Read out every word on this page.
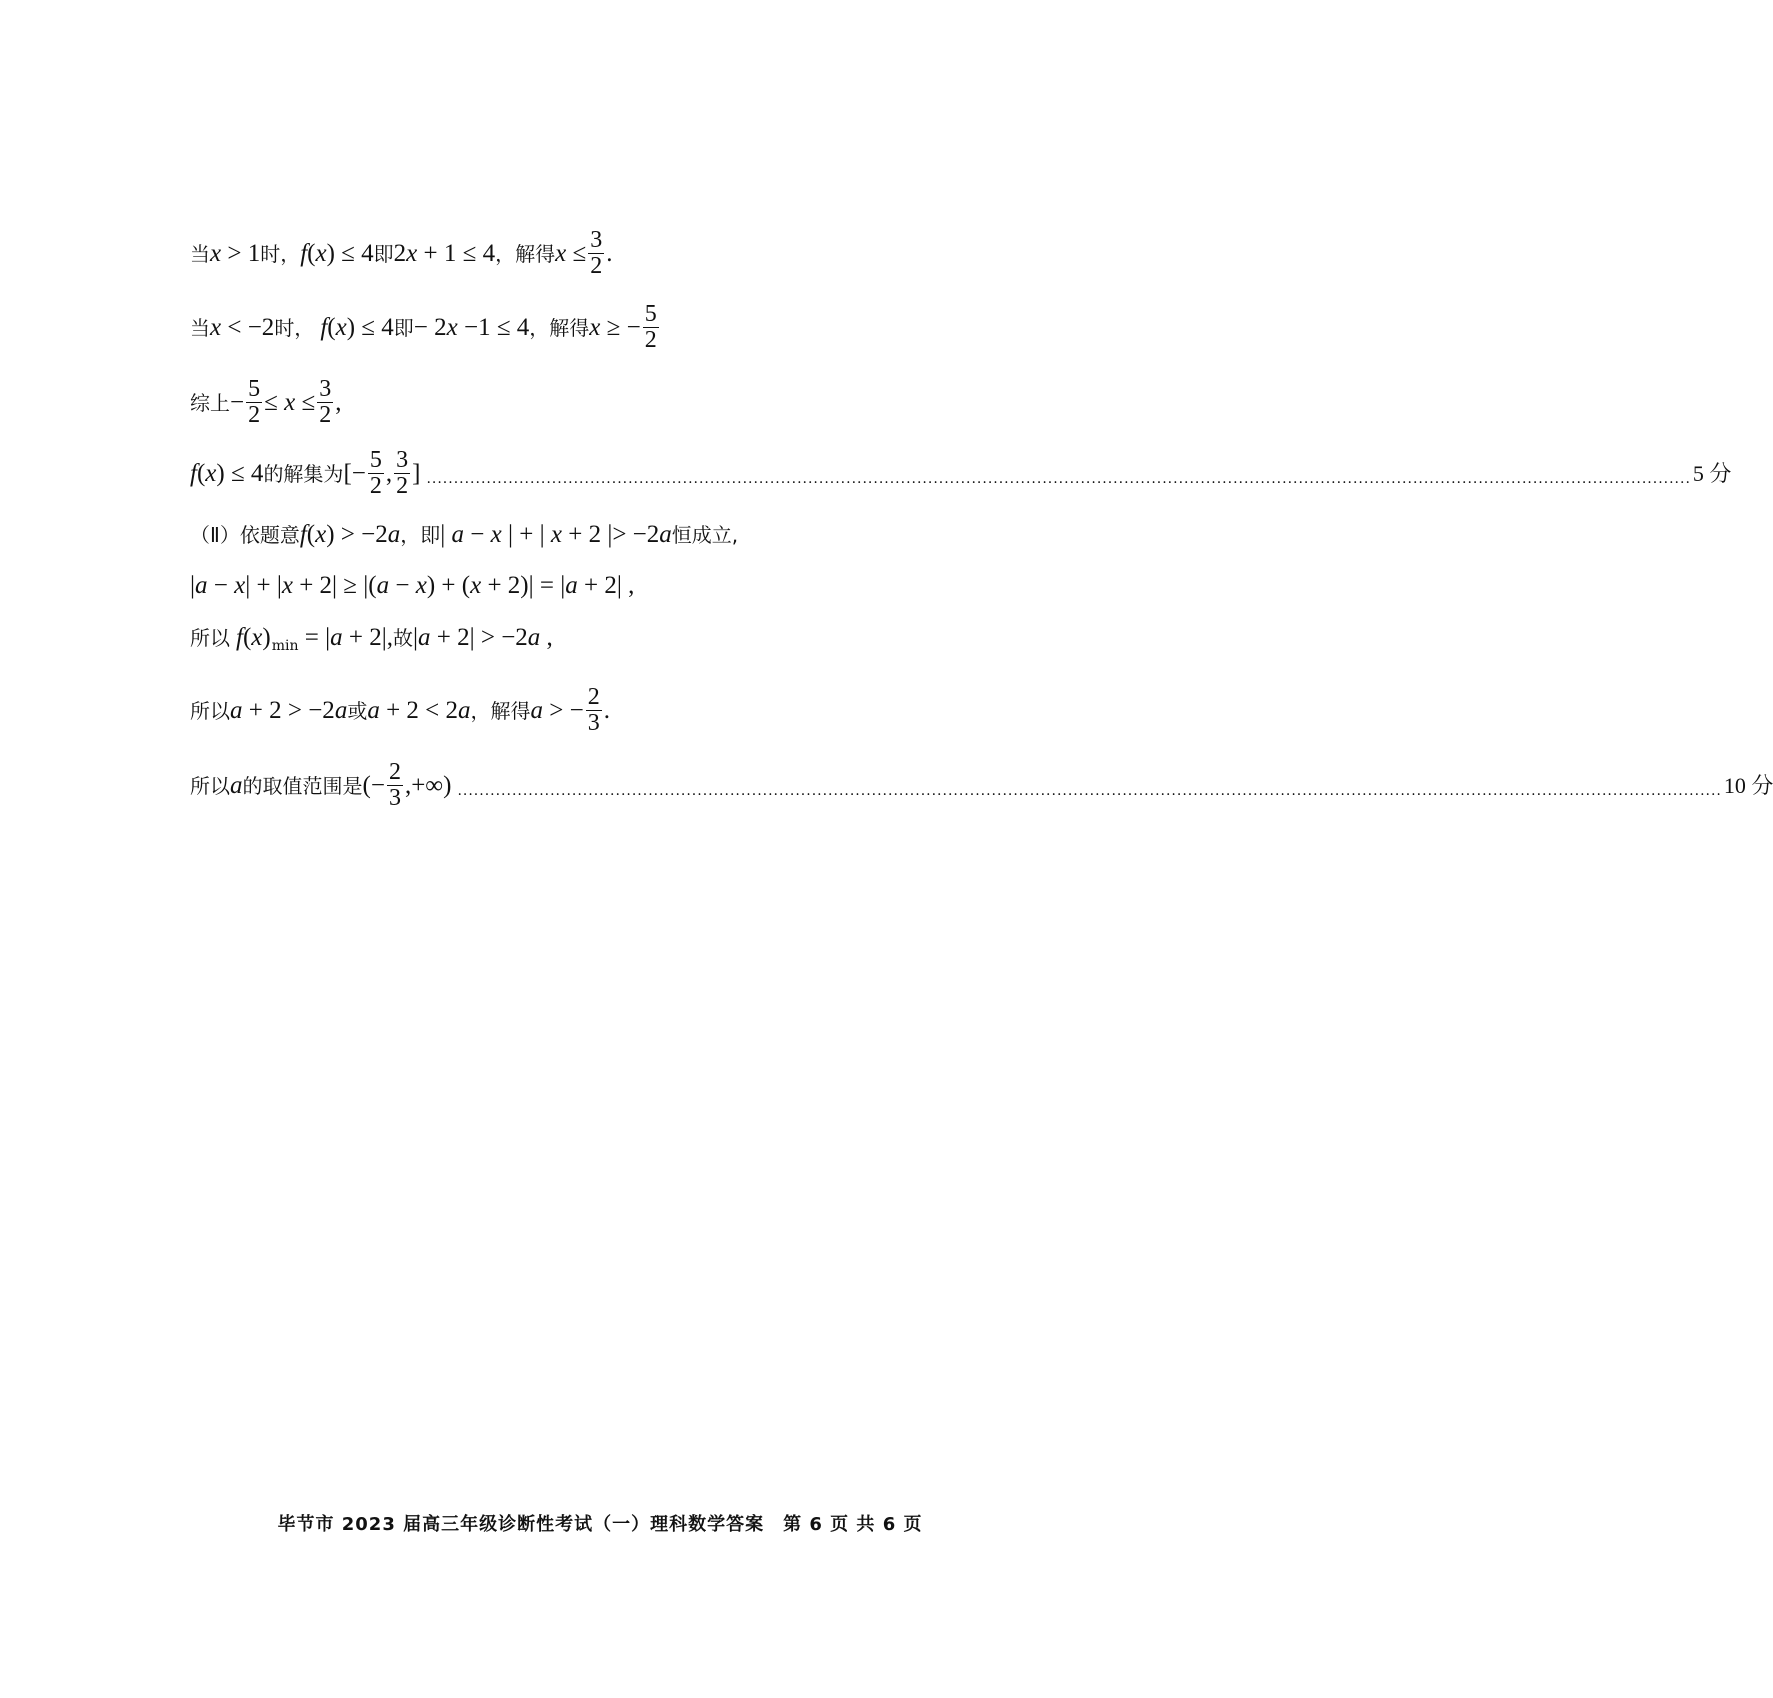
当 x > 1 时， f ( x ) ≤ 4 即 2 x + 1 ≤ 4 ，解得 $x \le \frac{3}{2}$ .
当 x < −2 时， f ( x ) ≤ 4 即 − 2 x −1 ≤ 4 ，解得 x ≥ − $\frac{5}{2}$
综上 − $\frac{5}{2} \le x \le \frac{3}{2}$ ,
f ( x ) ≤ 4 的解集为 [− $\frac{5}{2}$ , $\frac{3}{2}$ ] ........................................................................................................................................................................................................................................ 5 分
（Ⅱ）依题意 f ( x ) > −2 a ，即 | a − x | + | x + 2 |> −2 a 恒成立,
| a − x | + | x + 2| ≥ |( a − x ) + ( x + 2)| = | a + 2| ,
所以 f ( x ) min = | a + 2|, 故 | a + 2| > −2 a ,
所以 a + 2 > −2 a 或 a + 2 < 2 a ，解得 a > − $\frac{2}{3}$ .
所以 a 的取值范围是 (− $\frac{2}{3}$ ,+∞) ........................................................................................................................................................................................................................................ 10 分
毕节市 2023 届高三年级诊断性考试（一）理科数学答案　第 6 页 共 6 页
